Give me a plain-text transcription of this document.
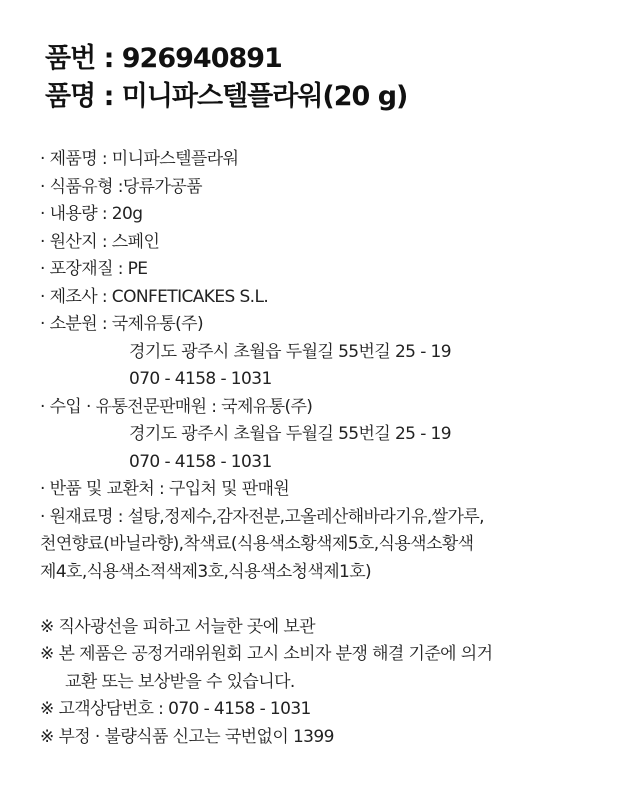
품번 : 926940891
품명 : 미니파스텔플라워(20 g)
· 제품명 : 미니파스텔플라워
· 식품유형 :당류가공품
· 내용량 : 20g
· 원산지 : 스페인
· 포장재질 : PE
· 제조사 : CONFETICAKES S.L.
· 소분원 : 국제유통(주)
경기도 광주시 초월읍 두월길 55번길 25 - 19
070 - 4158 - 1031
· 수입 · 유통전문판매원 : 국제유통(주)
경기도 광주시 초월읍 두월길 55번길 25 - 19
070 - 4158 - 1031
· 반품 및 교환처 : 구입처 및 판매원
· 원재료명 : 설탕,정제수,감자전분,고올레산해바라기유,쌀가루,
천연향료(바닐라향),착색료(식용색소황색제5호,식용색소황색
제4호,식용색소적색제3호,식용색소청색제1호)
※ 직사광선을 피하고 서늘한 곳에 보관
※ 본 제품은 공정거래위원회 고시 소비자 분쟁 해결 기준에 의거
교환 또는 보상받을 수 있습니다.
※ 고객상담번호 : 070 - 4158 - 1031
※ 부정 · 불량식품 신고는 국번없이 1399
